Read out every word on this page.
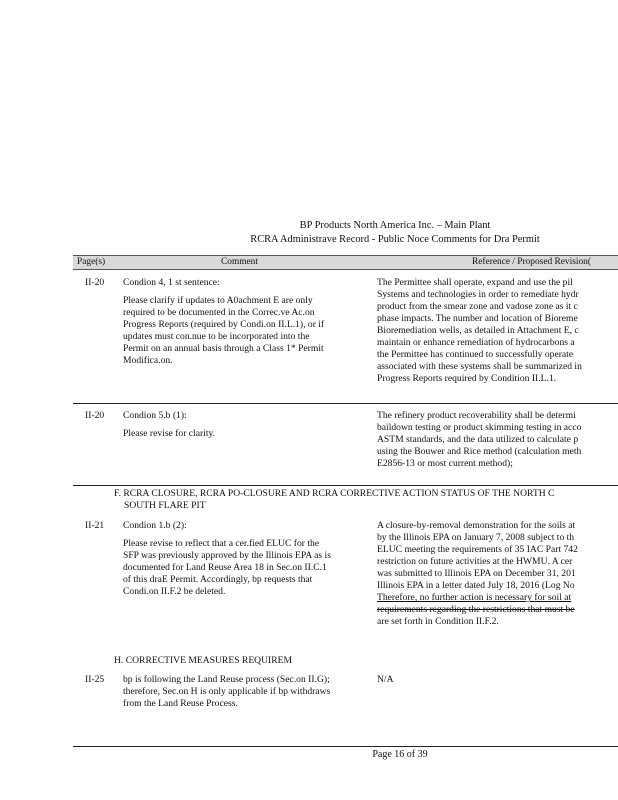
BP Products North America Inc. – Main Plant
RCRA Administrave Record - Public Noce Comments for Dra Permit
Page(s)	Comment	Reference / Proposed Revision(
II-20 Condion 4, 1 st sentence:
Please clarify if updates to A0achment E are only
required to be documented in the Correc.ve Ac.on
Progress Reports (required by Condi.on II.L.1), or if
updates must con.nue to be incorporated into the
Permit on an annual basis through a Class 1* Permit
Modifica.on.
The Permittee shall operate, expand and use the pil
Systems and technologies in order to remediate hydr
product from the smear zone and vadose zone as it c
phase impacts. The number and location of Bioreme
Bioremediation wells, as detailed in Attachment E, c
maintain or enhance remediation of hydrocarbons a
the Permittee has continued to successfully operate
associated with these systems shall be summarized in
Progress Reports required by Condition II.L.1.
II-20 Condion 5.b (1):
Please revise for clarity.
The refinery product recoverability shall be determi
baildown testing or product skimming testing in acco
ASTM standards, and the data utilized to calculate p
using the Bouwer and Rice method (calculation meth
E2856-13 or most current method);
F. RCRA CLOSURE, RCRA PO-CLOSURE AND RCRA CORRECTIVE ACTION STATUS OF THE NORTH C
SOUTH FLARE PIT
II-21 Condion 1.b (2):
Please revise to reflect that a cer.fied ELUC for the
SFP was previously approved by the Illinois EPA as is
documented for Land Reuse Area 18 in Sec.on II.C.1
of this draE Permit. Accordingly, bp requests that
Condi.on II.F.2 be deleted.
A closure-by-removal demonstration for the soils at
by the Illinois EPA on January 7, 2008 subject to th
ELUC meeting the requirements of 35 IAC Part 742
restriction on future activities at the HWMU. A cer
was submitted to Illinois EPA on December 31, 201
Illinois EPA in a letter dated July 18, 2016 (Log No
Therefore, no further action is necessary for soil at
requirements regarding the restrictions that must be
are set forth in Condition II.F.2.
H. CORRECTIVE MEASURES REQUIREM
II-25 bp is following the Land Reuse process (Sec.on II.G);
therefore, Sec.on H is only applicable if bp withdraws
from the Land Reuse Process.
N/A
Page 16 of 39
